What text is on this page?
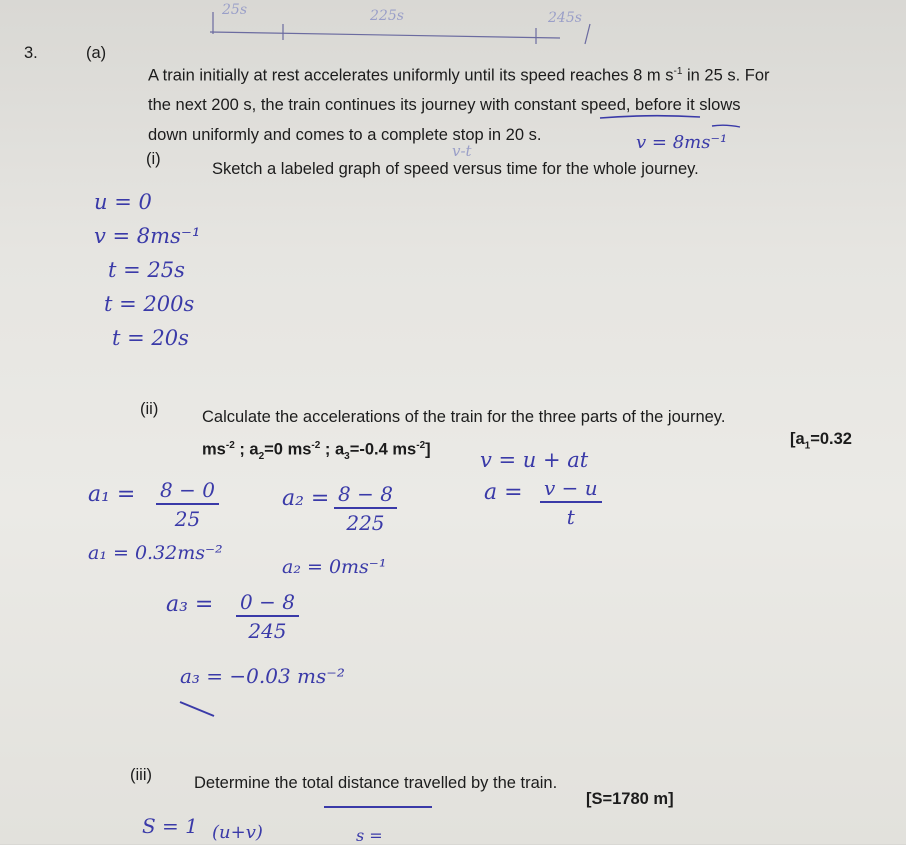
25s	225s	245s
3.	(a)
A train initially at rest accelerates uniformly until its speed reaches 8 m $s^{-1}$ in 25 s. For
the next 200 s, the train continues its journey with constant speed, before it slows
down uniformly and comes to a complete stop in 20 s.	v = 8ms⁻¹
v-t
(i)
Sketch a labeled graph of speed versus time for the whole journey.
u = 0
v = 8ms⁻¹
t = 25s
t = 200s
t = 20s
(ii)	Calculate the accelerations of the train for the three parts of the journey.
[$a_1=0.32$
$ms^{-2}$ ; $a_2=0$ $ms^{-2}$ ; $a_3=-0.4$ $ms^{-2}$] v = u + at
$a_1 = \frac{8 - 0}{25}$	$a_2 = \frac{8 - 8}{225}$	$a = \frac{v - u}{t}$
a₁ = 0.32ms⁻²
a₂ = 0ms⁻¹
$a_3 = \frac{0 - 8}{245}$
a₃ = −0.03 ms⁻²
(iii)	Determine the total distance travelled by the train.
[S=1780 m]
S = 1 (u+v)	s =
